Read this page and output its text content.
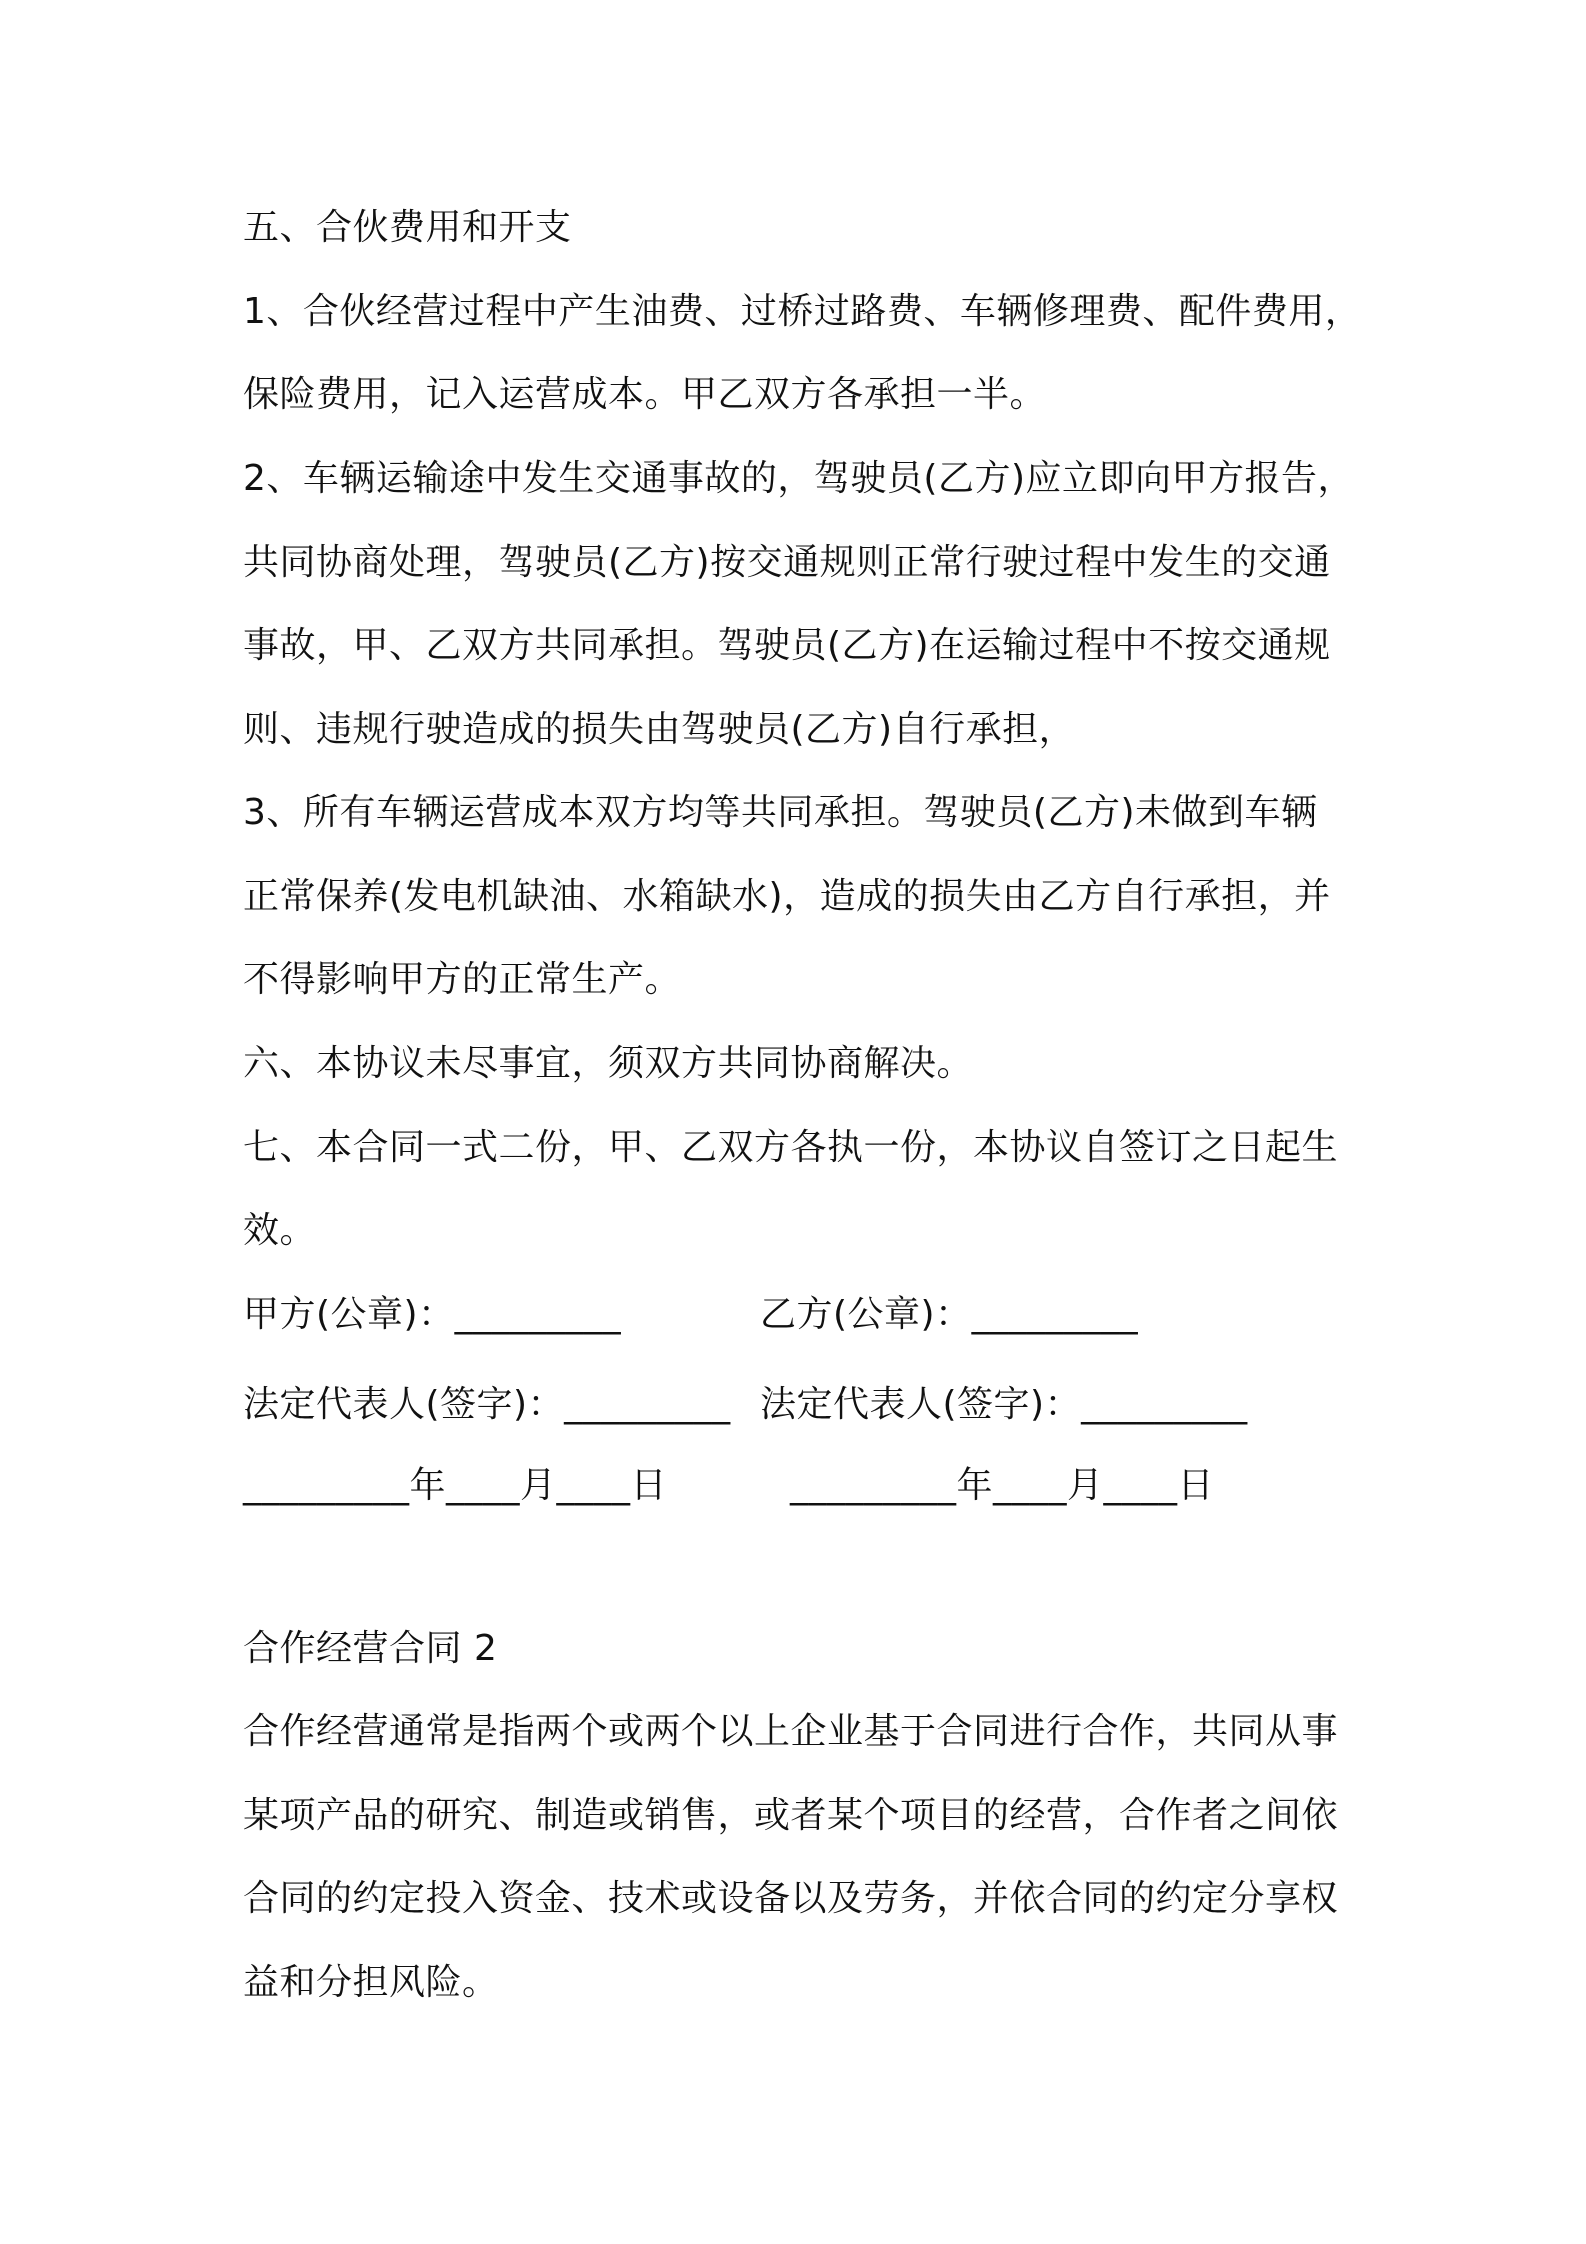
五、合伙费用和开支
1、合伙经营过程中产生油费、过桥过路费、车辆修理费、配件费用，
保险费用，记入运营成本。甲乙双方各承担一半。
2、车辆运输途中发生交通事故的，驾驶员(乙方)应立即向甲方报告，
共同协商处理，驾驶员(乙方)按交通规则正常行驶过程中发生的交通
事故，甲、乙双方共同承担。驾驶员(乙方)在运输过程中不按交通规
则、违规行驶造成的损失由驾驶员(乙方)自行承担，
3、所有车辆运营成本双方均等共同承担。驾驶员(乙方)未做到车辆
正常保养(发电机缺油、水箱缺水)，造成的损失由乙方自行承担，并
不得影响甲方的正常生产。
六、本协议未尽事宜，须双方共同协商解决。
七、本合同一式二份，甲、乙双方各执一份，本协议自签订之日起生
效。
甲方(公章)：_________	乙方(公章)：_________
法定代表人(签字)：_________ 法定代表人(签字)：_________
_________年____月____日	_________年____月____日
合作经营合同 2
合作经营通常是指两个或两个以上企业基于合同进行合作，共同从事
某项产品的研究、制造或销售，或者某个项目的经营，合作者之间依
合同的约定投入资金、技术或设备以及劳务，并依合同的约定分享权
益和分担风险。
